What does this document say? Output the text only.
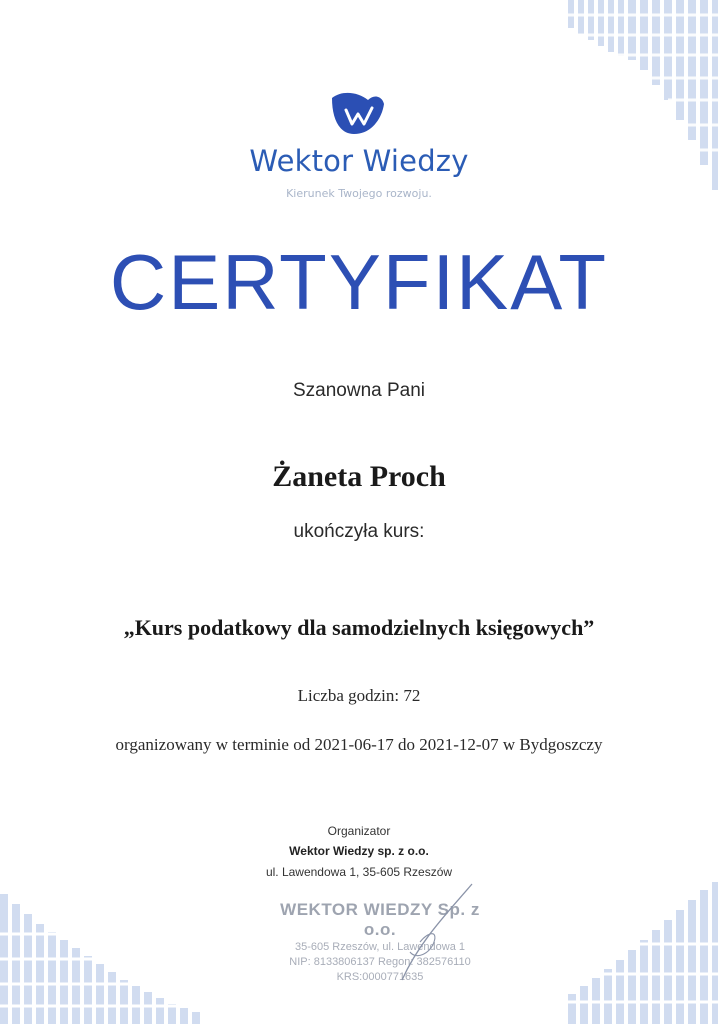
Wektor Wiedzy
Kierunek Twojego rozwoju.
CERTYFIKAT
Szanowna Pani
Żaneta Proch
ukończyła kurs:
„Kurs podatkowy dla samodzielnych księgowych”
Liczba godzin: 72
organizowany w terminie od 2021-06-17 do 2021-12-07 w Bydgoszczy
Organizator
Wektor Wiedzy sp. z o.o.
ul. Lawendowa 1, 35-605 Rzeszów
WEKTOR WIEDZY Sp. z o.o.
35-605 Rzeszów, ul. Lawendowa 1
NIP: 8133806137 Regon: 382576110
KRS:0000771635
